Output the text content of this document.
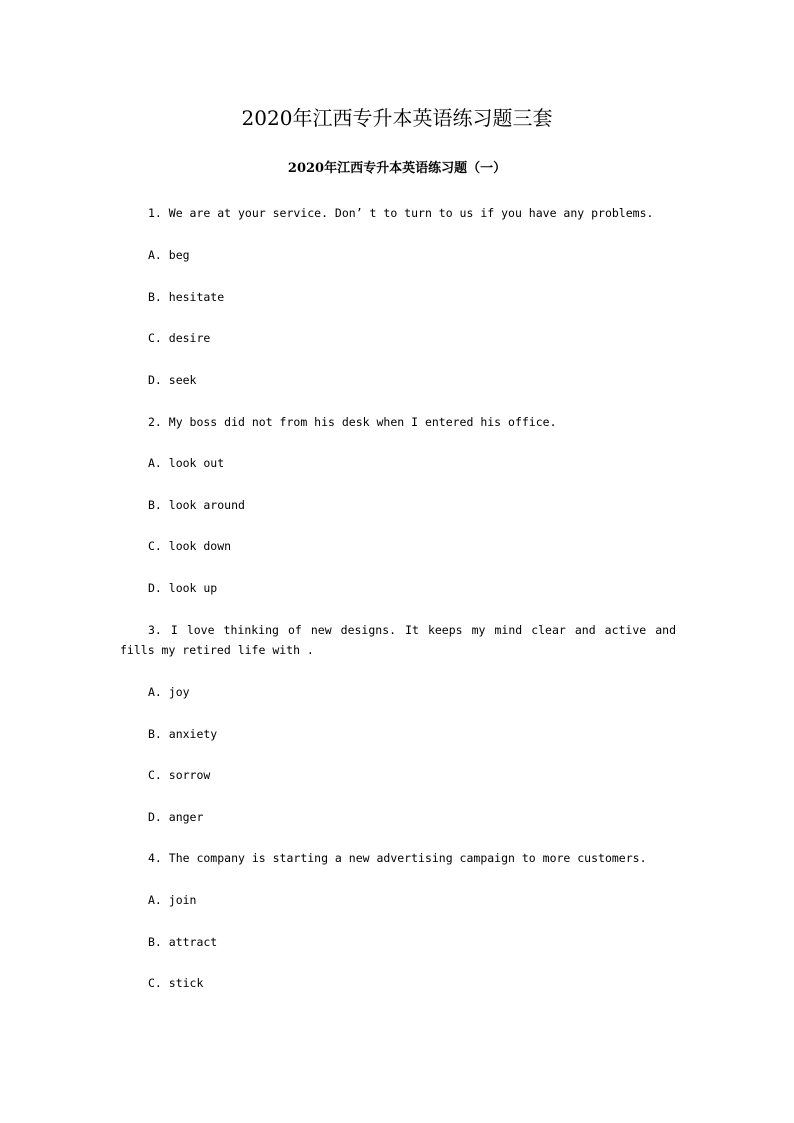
2020年江西专升本英语练习题三套
2020年江西专升本英语练习题（一）
1. We are at your service. Don’ t to turn to us if you have any problems.
A. beg
B. hesitate
C. desire
D. seek
2. My boss did not from his desk when I entered his office.
A. look out
B. look around
C. look down
D. look up
3. I love thinking of new designs. It keeps my mind clear and active and
fills my retired life with .
A. joy
B. anxiety
C. sorrow
D. anger
4. The company is starting a new advertising campaign to more customers.
A. join
B. attract
C. stick
